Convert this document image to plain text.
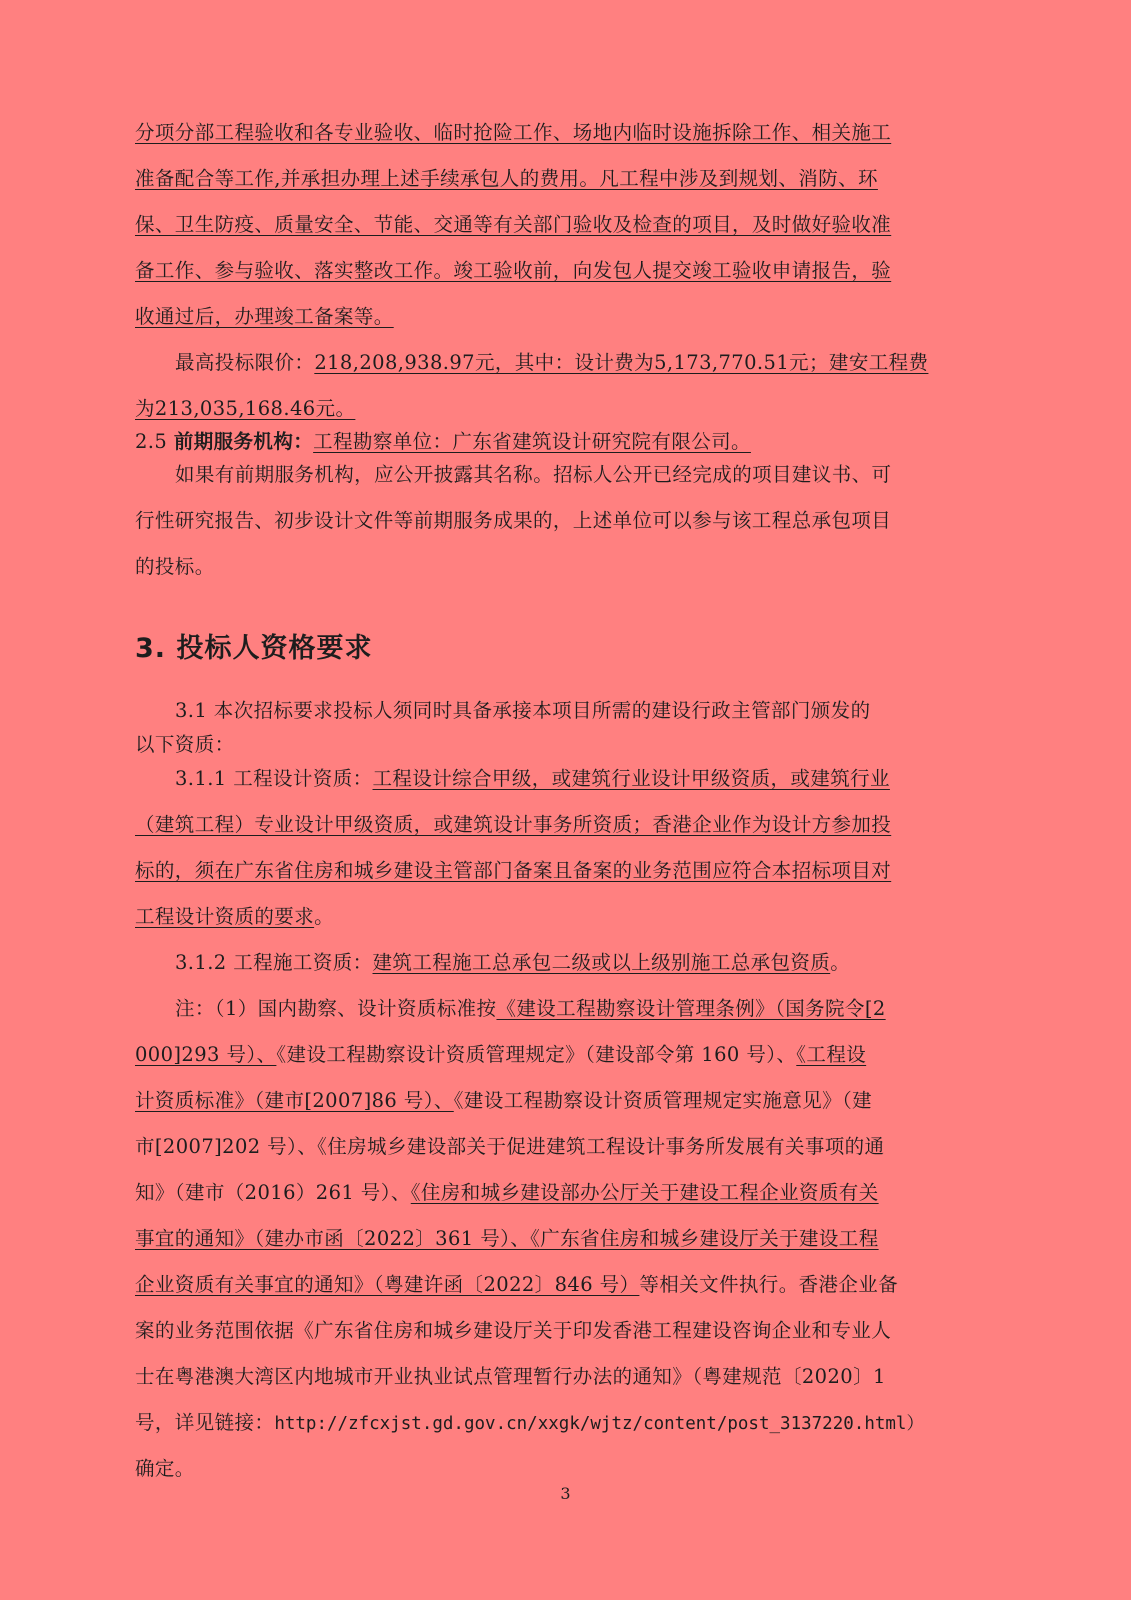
分项分部工程验收和各专业验收、临时抢险工作、场地内临时设施拆除工作、相关施工
准备配合等工作,并承担办理上述手续承包人的费用。凡工程中涉及到规划、消防、环
保、卫生防疫、质量安全、节能、交通等有关部门验收及检查的项目，及时做好验收准
备工作、参与验收、落实整改工作。竣工验收前，向发包人提交竣工验收申请报告，验
收通过后，办理竣工备案等。
最高投标限价：218,208,938.97元，其中：设计费为5,173,770.51元；建安工程费
为213,035,168.46元。
2.5 前期服务机构：工程勘察单位：广东省建筑设计研究院有限公司。
如果有前期服务机构，应公开披露其名称。招标人公开已经完成的项目建议书、可
行性研究报告、初步设计文件等前期服务成果的，上述单位可以参与该工程总承包项目
的投标。
3. 投标人资格要求
3.1 本次招标要求投标人须同时具备承接本项目所需的建设行政主管部门颁发的
以下资质：
3.1.1 工程设计资质：工程设计综合甲级，或建筑行业设计甲级资质，或建筑行业
（建筑工程）专业设计甲级资质，或建筑设计事务所资质；香港企业作为设计方参加投
标的，须在广东省住房和城乡建设主管部门备案且备案的业务范围应符合本招标项目对
工程设计资质的要求。
3.1.2 工程施工资质：建筑工程施工总承包二级或以上级别施工总承包资质。
注：（1）国内勘察、设计资质标准按《建设工程勘察设计管理条例》（国务院令[2
000]293 号）、《建设工程勘察设计资质管理规定》（建设部令第 160 号）、《工程设
计资质标准》（建市[2007]86 号）、《建设工程勘察设计资质管理规定实施意见》（建
市[2007]202 号）、《住房城乡建设部关于促进建筑工程设计事务所发展有关事项的通
知》（建市（2016）261 号）、《住房和城乡建设部办公厅关于建设工程企业资质有关
事宜的通知》（建办市函〔2022〕361 号）、《广东省住房和城乡建设厅关于建设工程
企业资质有关事宜的通知》（粤建许函〔2022〕846 号）等相关文件执行。香港企业备
案的业务范围依据《广东省住房和城乡建设厅关于印发香港工程建设咨询企业和专业人
士在粤港澳大湾区内地城市开业执业试点管理暂行办法的通知》（粤建规范〔2020〕1
号，详见链接：http://zfcxjst.gd.gov.cn/xxgk/wjtz/content/post_3137220.html）
确定。
3
